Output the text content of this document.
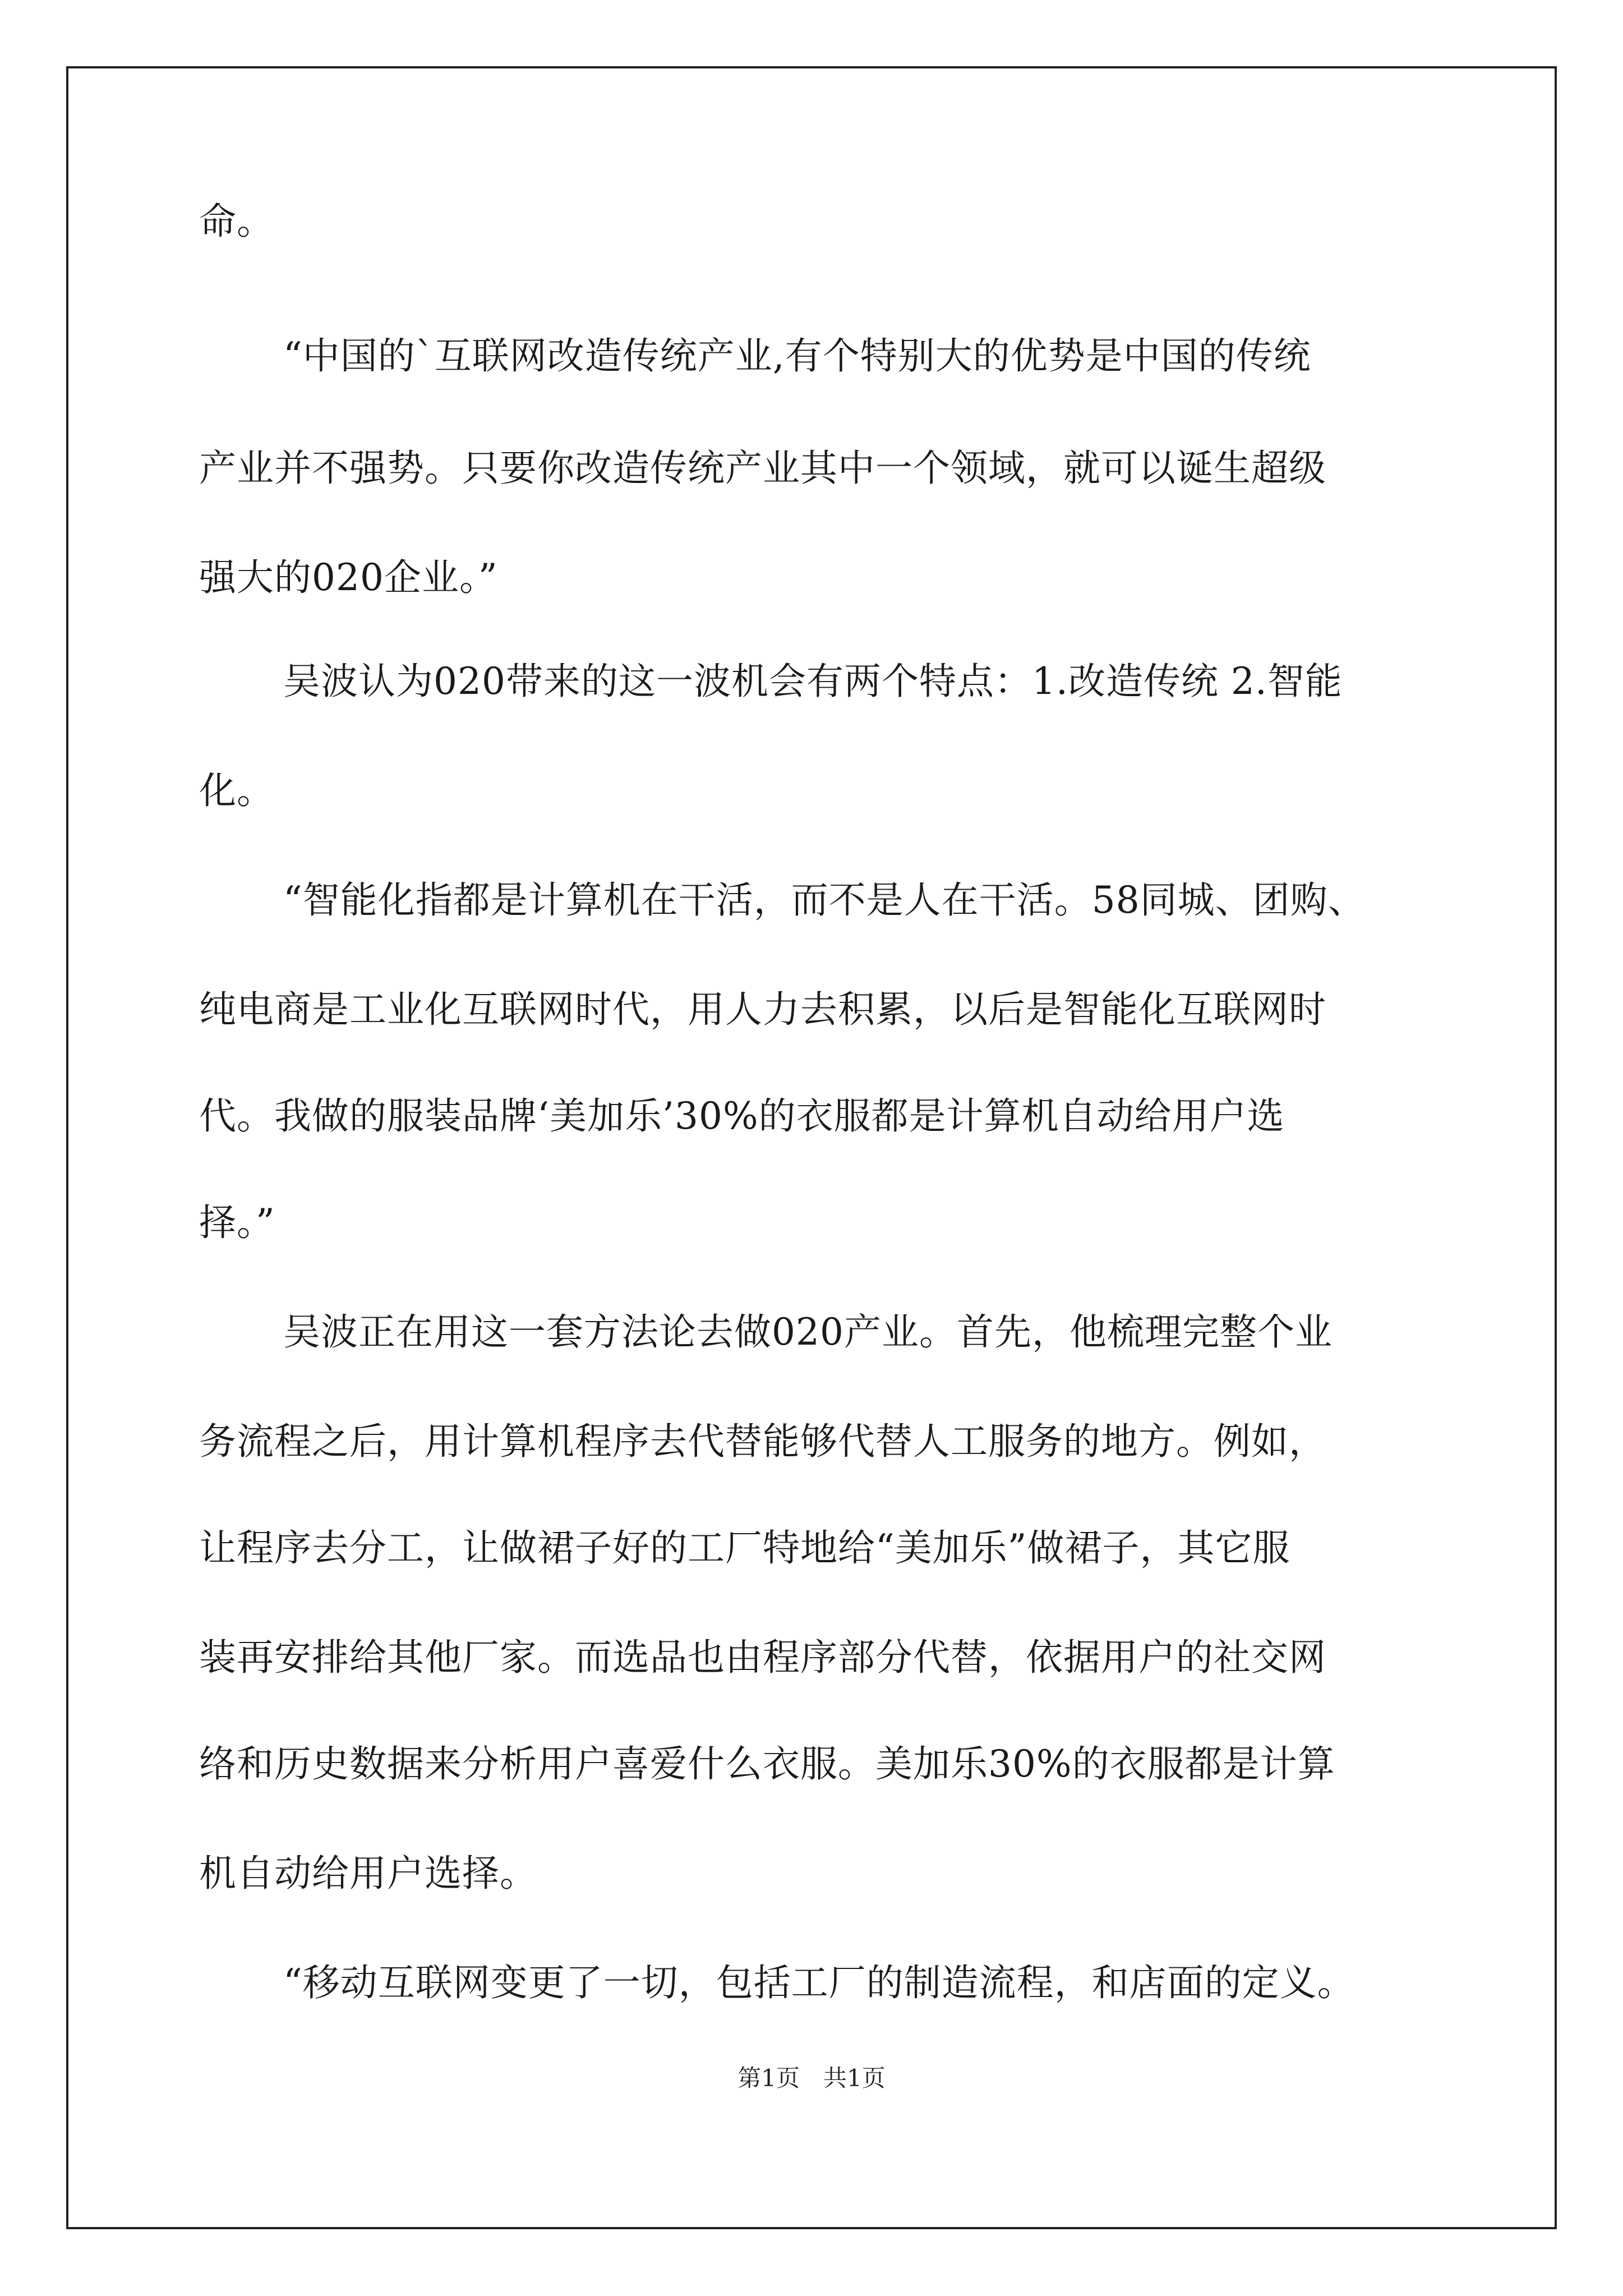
命。
“中国的`互联网改造传统产业,有个特别大的优势是中国的传统
产业并不强势。只要你改造传统产业其中一个领域，就可以诞生超级
强大的020企业。”
吴波认为020带来的这一波机会有两个特点：1.改造传统 2.智能
化。
“智能化指都是计算机在干活，而不是人在干活。58同城、团购、
纯电商是工业化互联网时代，用人力去积累，以后是智能化互联网时
代。我做的服装品牌‘美加乐’30%的衣服都是计算机自动给用户选
择。”
吴波正在用这一套方法论去做020产业。首先，他梳理完整个业
务流程之后，用计算机程序去代替能够代替人工服务的地方。例如，
让程序去分工，让做裙子好的工厂特地给“美加乐”做裙子，其它服
装再安排给其他厂家。而选品也由程序部分代替，依据用户的社交网
络和历史数据来分析用户喜爱什么衣服。美加乐30%的衣服都是计算
机自动给用户选择。
“移动互联网变更了一切，包括工厂的制造流程，和店面的定义。
第1页　共1页
